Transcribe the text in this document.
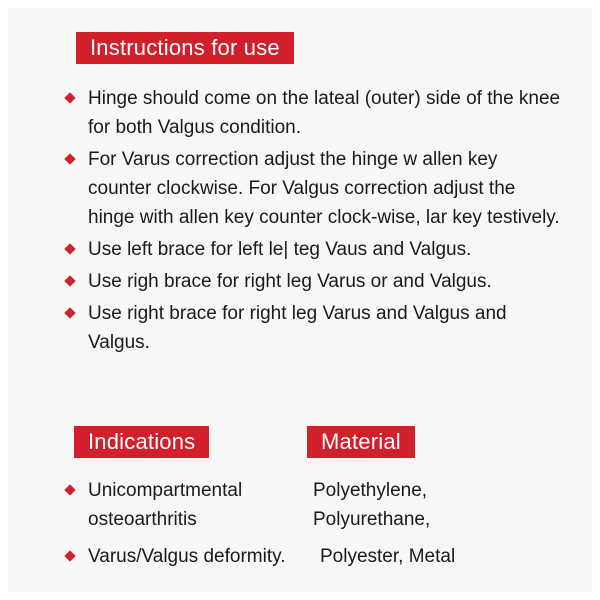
Instructions for use
Hinge should come on the lateal (outer) side of the knee for both Valgus condition.
For Varus correction adjust the hinge w allen key counter clockwise. For Valgus correction adjust the hinge with allen key counter clock-wise, lar key testively.
Use left brace for left le| teg Vaus and Valgus.
Use righ brace for right leg Varus or and Valgus.
Use right brace for right leg Varus and Valgus and Valgus.
Indications	Material
Unicompartmental osteoarthritis
Varus/Valgus deformity.
Polyethylene,
Polyurethane,
Polyester, Metal
